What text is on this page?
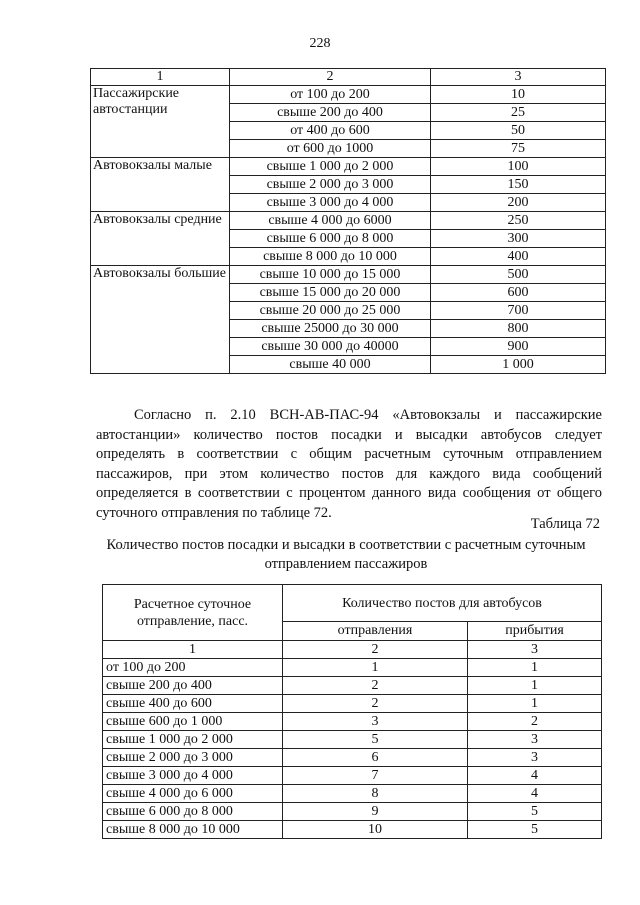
228
1	2	3
Пассажирские автостанции	от 100 до 200	10
	свыше 200 до 400	25
	от 400 до 600	50
	от 600 до 1000	75
Автовокзалы малые	свыше 1 000 до 2 000	100
	свыше 2 000 до 3 000	150
	свыше 3 000 до 4 000	200
Автовокзалы средние	свыше 4 000 до 6000	250
	свыше 6 000 до 8 000	300
	свыше 8 000 до 10 000	400
Автовокзалы большие	свыше 10 000 до 15 000	500
	свыше 15 000 до 20 000	600
	свыше 20 000 до 25 000	700
	свыше 25000 до 30 000	800
	свыше 30 000 до 40000	900
	свыше 40 000	1 000

Согласно п. 2.10 ВСН-АВ-ПАС-94 «Автовокзалы и пассажирские автостанции» количество постов посадки и высадки автобусов следует определять в соответствии с общим расчетным суточным отправлением пассажиров, при этом количество постов для каждого вида сообщений определяется в соответствии с процентом данного вида сообщения от общего суточного отправления по таблице 72.

Таблица 72
Количество постов посадки и высадки в соответствии с расчетным суточным отправлением пассажиров
Расчетное суточное отправление, пасс.	Количество постов для автобусов	
	отправления	прибытия
1	2	3
от 100 до 200	1	1
свыше 200 до 400	2	1
свыше 400 до 600	2	1
свыше 600 до 1 000	3	2
свыше 1 000 до 2 000	5	3
свыше 2 000 до 3 000	6	3
свыше 3 000 до 4 000	7	4
свыше 4 000 до 6 000	8	4
свыше 6 000 до 8 000	9	5
свыше 8 000 до 10 000	10	5
